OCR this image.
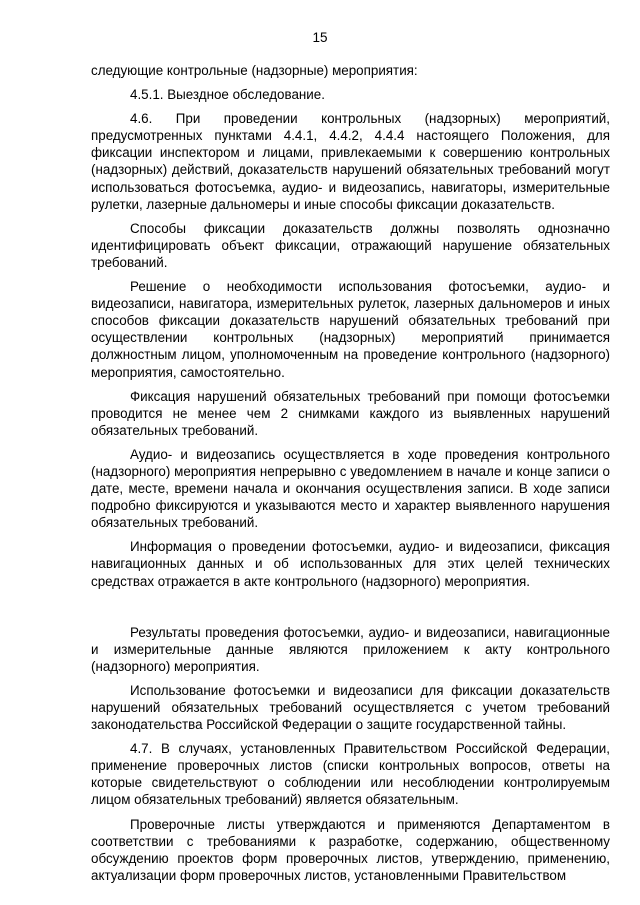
15

следующие контрольные (надзорные) мероприятия:

4.5.1. Выездное обследование.

4.6. При проведении контрольных (надзорных) мероприятий, предусмотренных пунктами 4.4.1, 4.4.2, 4.4.4 настоящего Положения, для фиксации инспектором и лицами, привлекаемыми к совершению контрольных (надзорных) действий, доказательств нарушений обязательных требований могут использоваться фотосъемка, аудио- и видеозапись, навигаторы, измерительные рулетки, лазерные дальномеры и иные способы фиксации доказательств.

Способы фиксации доказательств должны позволять однозначно идентифицировать объект фиксации, отражающий нарушение обязательных требований.

Решение о необходимости использования фотосъемки, аудио- и видеозаписи, навигатора, измерительных рулеток, лазерных дальномеров и иных способов фиксации доказательств нарушений обязательных требований при осуществлении контрольных (надзорных) мероприятий принимается должностным лицом, уполномоченным на проведение контрольного (надзорного) мероприятия, самостоятельно.

Фиксация нарушений обязательных требований при помощи фотосъемки проводится не менее чем 2 снимками каждого из выявленных нарушений обязательных требований.

Аудио- и видеозапись осуществляется в ходе проведения контрольного (надзорного) мероприятия непрерывно с уведомлением в начале и конце записи о дате, месте, времени начала и окончания осуществления записи. В ходе записи подробно фиксируются и указываются место и характер выявленного нарушения обязательных требований.

Информация о проведении фотосъемки, аудио- и видеозаписи, фиксация навигационных данных и об использованных для этих целей технических средствах отражается в акте контрольного (надзорного) мероприятия.

Результаты проведения фотосъемки, аудио- и видеозаписи, навигационные и измерительные данные являются приложением к акту контрольного (надзорного) мероприятия.

Использование фотосъемки и видеозаписи для фиксации доказательств нарушений обязательных требований осуществляется с учетом требований законодательства Российской Федерации о защите государственной тайны.

4.7. В случаях, установленных Правительством Российской Федерации, применение проверочных листов (списки контрольных вопросов, ответы на которые свидетельствуют о соблюдении или несоблюдении контролируемым лицом обязательных требований) является обязательным.

Проверочные листы утверждаются и применяются Департаментом в соответствии с требованиями к разработке, содержанию, общественному обсуждению проектов форм проверочных листов, утверждению, применению, актуализации форм проверочных листов, установленными Правительством
